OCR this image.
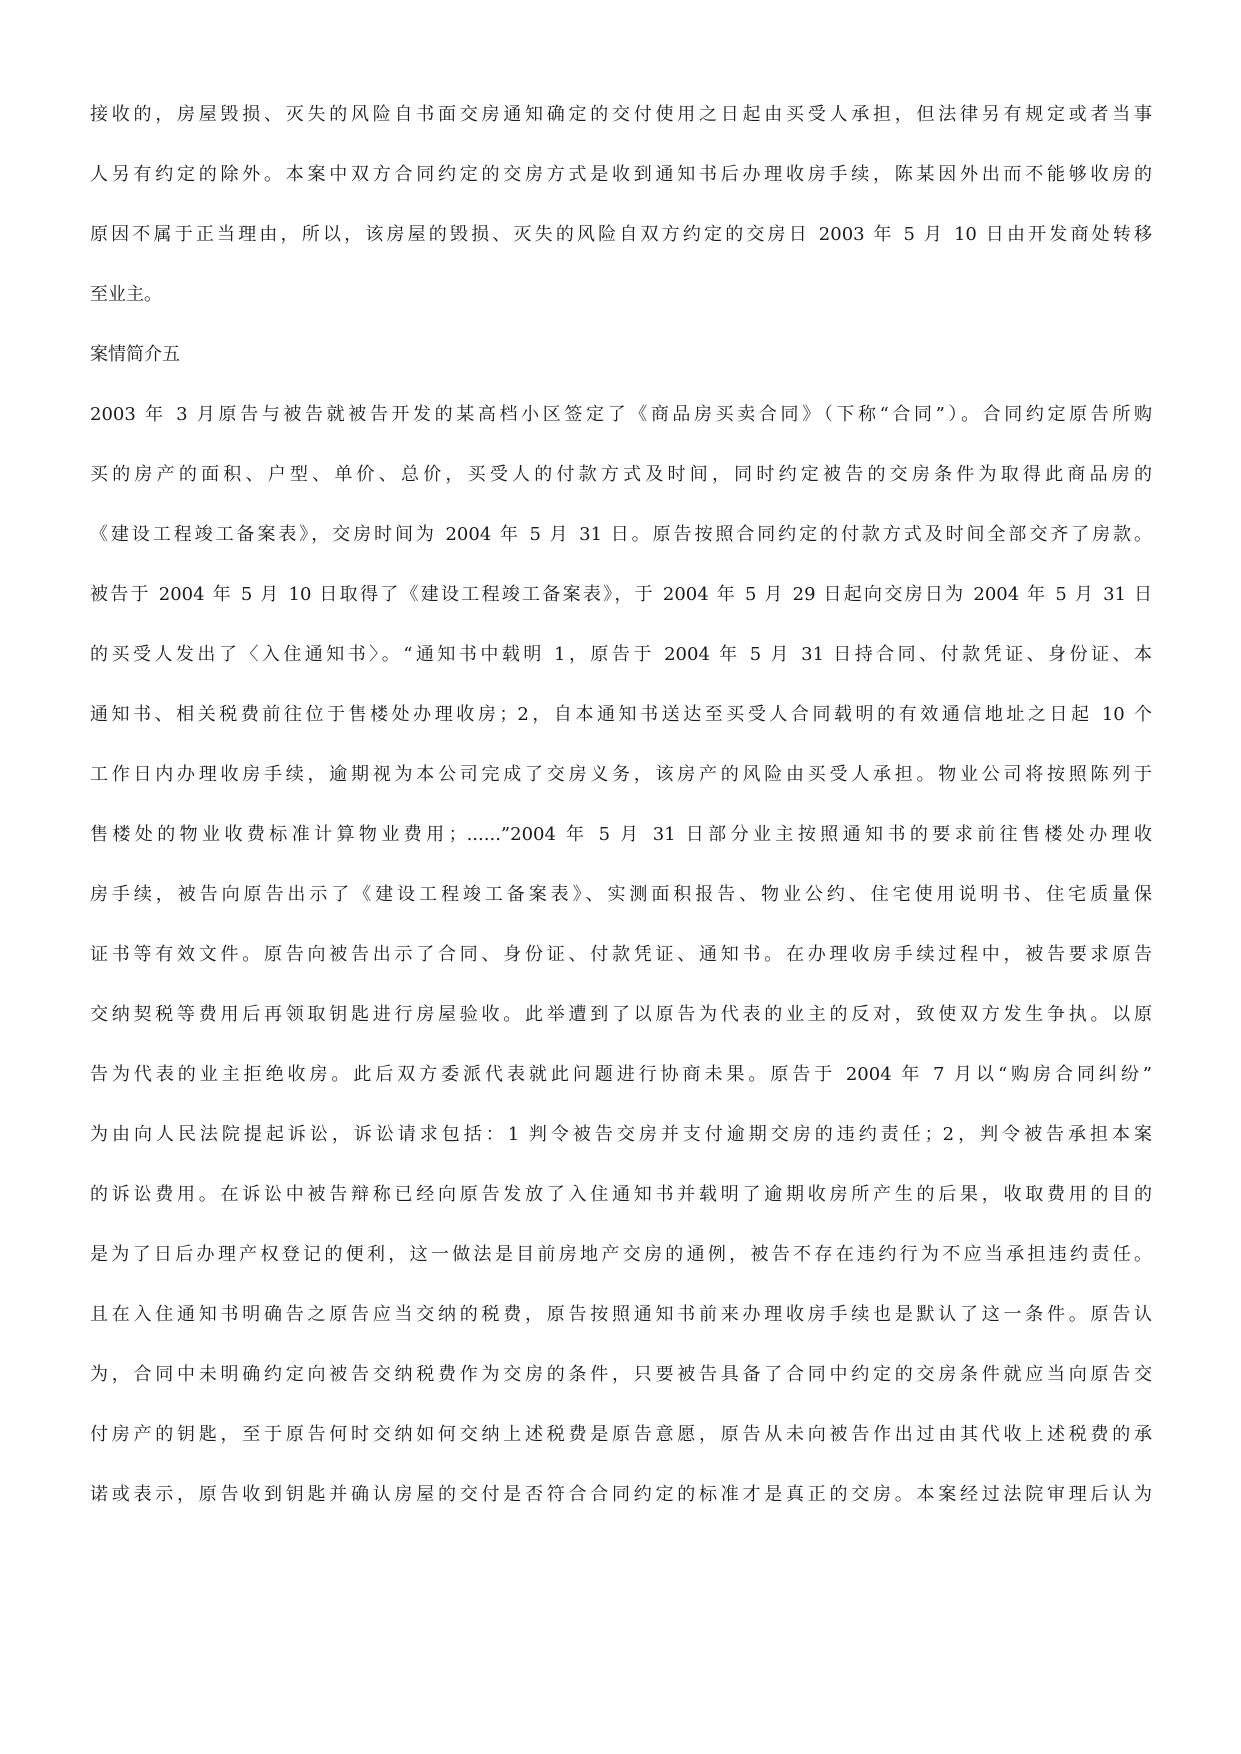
接收的，房屋毁损、灭失的风险自书面交房通知确定的交付使用之日起由买受人承担，但法律另有规定或者当事
人另有约定的除外。本案中双方合同约定的交房方式是收到通知书后办理收房手续，陈某因外出而不能够收房的
原因不属于正当理由，所以，该房屋的毁损、灭失的风险自双方约定的交房日 2003 年 5 月 10 日由开发商处转移
至业主。
案情简介五
2003 年 3 月原告与被告就被告开发的某高档小区签定了《商品房买卖合同》（下称“合同”）。合同约定原告所购
买的房产的面积、户型、单价、总价，买受人的付款方式及时间，同时约定被告的交房条件为取得此商品房的
《建设工程竣工备案表》，交房时间为 2004 年 5 月 31 日。原告按照合同约定的付款方式及时间全部交齐了房款。
被告于 2004 年 5 月 10 日取得了《建设工程竣工备案表》，于 2004 年 5 月 29 日起向交房日为 2004 年 5 月 31 日
的买受人发出了〈入住通知书〉。“通知书中载明 1，原告于 2004 年 5 月 31 日持合同、付款凭证、身份证、本
通知书、相关税费前往位于售楼处办理收房；2，自本通知书送达至买受人合同载明的有效通信地址之日起 10 个
工作日内办理收房手续，逾期视为本公司完成了交房义务，该房产的风险由买受人承担。物业公司将按照陈列于
售楼处的物业收费标准计算物业费用；......”2004 年 5 月 31 日部分业主按照通知书的要求前往售楼处办理收
房手续，被告向原告出示了《建设工程竣工备案表》、实测面积报告、物业公约、住宅使用说明书、住宅质量保
证书等有效文件。原告向被告出示了合同、身份证、付款凭证、通知书。在办理收房手续过程中，被告要求原告
交纳契税等费用后再领取钥匙进行房屋验收。此举遭到了以原告为代表的业主的反对，致使双方发生争执。以原
告为代表的业主拒绝收房。此后双方委派代表就此问题进行协商未果。原告于 2004 年 7 月以“购房合同纠纷”
为由向人民法院提起诉讼，诉讼请求包括：1 判令被告交房并支付逾期交房的违约责任；2，判令被告承担本案
的诉讼费用。在诉讼中被告辩称已经向原告发放了入住通知书并载明了逾期收房所产生的后果，收取费用的目的
是为了日后办理产权登记的便利，这一做法是目前房地产交房的通例，被告不存在违约行为不应当承担违约责任。
且在入住通知书明确告之原告应当交纳的税费，原告按照通知书前来办理收房手续也是默认了这一条件。原告认
为，合同中未明确约定向被告交纳税费作为交房的条件，只要被告具备了合同中约定的交房条件就应当向原告交
付房产的钥匙，至于原告何时交纳如何交纳上述税费是原告意愿，原告从未向被告作出过由其代收上述税费的承
诺或表示，原告收到钥匙并确认房屋的交付是否符合合同约定的标准才是真正的交房。本案经过法院审理后认为
